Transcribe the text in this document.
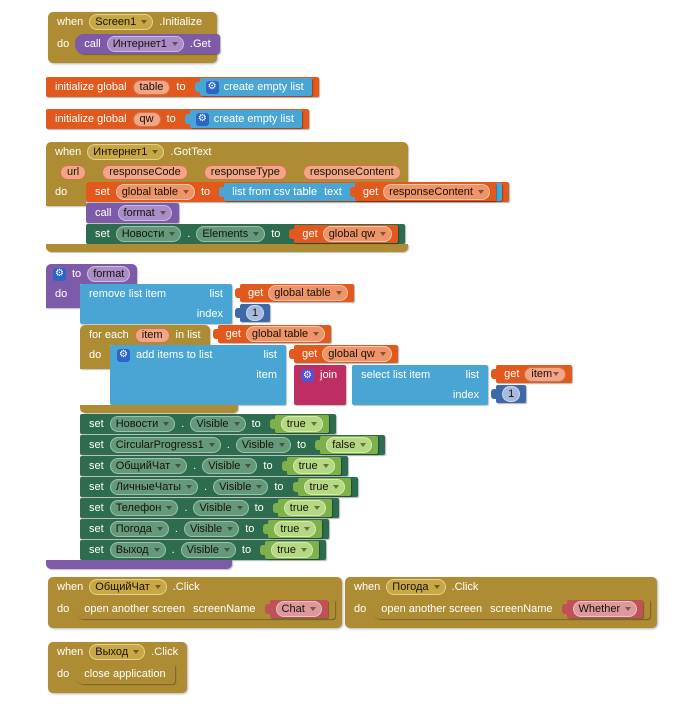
when Screen1 .Initialize
do call Интернет1 .Get
initialize global table to ⚙ create empty list
initialize global qw to ⚙ create empty list
when Интернет1 .GotText
url	responseCode	responseType	responseContent
do	set global table to list from csv table text get responseContent
call format
set Новости . Elements to get global qw
⚙ to format
do remove list item	list get global table
index	1
for each item in list get global table
do ⚙ add items to list	list get global qw
item	⚙ join select list item	list get item
index	1
set Новости . Visible to true
set CircularProgress1 . Visible to false
set ОбщийЧат . Visible to true
set ЛичныеЧаты . Visible to true
set Телефон . Visible to true
set Погода . Visible to true
set Выход . Visible to true
when ОбщийЧат .Click
do open another screen screenName Chat
when Погода .Click
do open another screen screenName Whether
when Выход .Click
do close application
